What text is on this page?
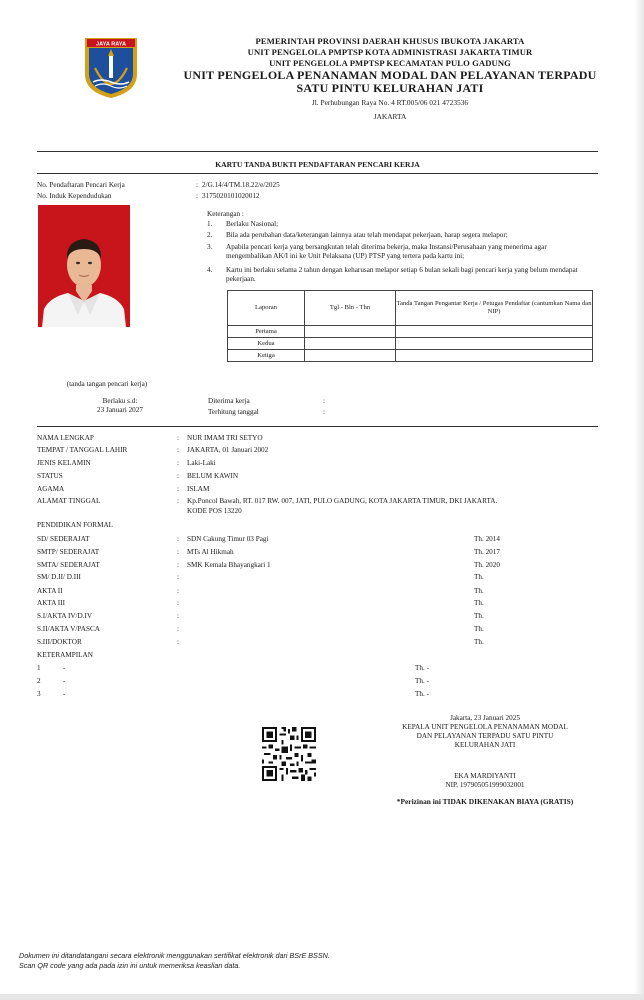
JAYA RAYA	PEMERINTAH PROVINSI DAERAH KHUSUS IBUKOTA JAKARTA
UNIT PENGELOLA PMPTSP KOTA ADMINISTRASI JAKARTA TIMUR
UNIT PENGELOLA PMPTSP KECAMATAN PULO GADUNG
UNIT PENGELOLA PENANAMAN MODAL DAN PELAYANAN TERPADU
SATU PINTU KELURAHAN JATI
Jl. Perhubungan Raya No. 4 RT.005/06 021 4723536
JAKARTA
KARTU TANDA BUKTI PENDAFTARAN PENCARI KERJA
No. Pendaftaran Pencari Kerja	: 2/G.14/4/TM.18.22/e/2025
No. Induk Kependudukan	: 3175020101020012
Keterangan :
1.	Berlaku Nasional;
2.	Bila ada perubahan data/keterangan lainnya atau telah mendapat pekerjaan, harap segera melapor;
3.	Apabila pencari kerja yang bersangkutan telah diterima bekerja, maka Instansi/Perusahaan yang menerima agar mengembalikan AK/I ini ke Unit Pelaksana (UP) PTSP yang tertera pada kartu ini;
4.	Kartu ini berlaku selama 2 tahun dengan keharusan melapor setiap 6 bulan sekali bagi pencari kerja yang belum mendapat pekerjaan.
Laporan	Tgl - Bln - Thn	Tanda Tangan Pengantar Kerja / Petugas Pendaftar (cantumkan Nama dan NIP)
Pertama		
Kedua		
Ketiga		
(tanda tangan pencari kerja)
Berlaku s.d:
23 Januari 2027
Diterima kerja	:
Terhitung tanggal	:
NAMA LENGKAP	: NUR IMAM TRI SETYO
TEMPAT / TANGGAL LAHIR	: JAKARTA, 01 Januari 2002
JENIS KELAMIN	: Laki-Laki
STATUS	: BELUM KAWIN
AGAMA	: ISLAM
ALAMAT TINGGAL	: Kp.Poncol Bawah, RT. 017 RW. 007, JATI, PULO GADUNG, KOTA JAKARTA TIMUR, DKI JAKARTA.
KODE POS 13220
PENDIDIKAN FORMAL
SD/ SEDERAJAT	: SDN Cakung Timur 03 Pagi	Th. 2014
SMTP/ SEDERAJAT	: MTs Al Hikmah	Th. 2017
SMTA/ SEDERAJAT	: SMK Kemala Bhayangkari 1	Th. 2020
SM/ D.II/ D.III	:	Th.
AKTA II	:	Th.
AKTA III	:	Th.
S.I/AKTA IV/D.IV	:	Th.
S.II/AKTA V/PASCA	:	Th.
S.III/DOKTOR	:	Th.
KETERAMPILAN
1	-	Th. -
2	-	Th. -
3	-	Th. -
Jakarta, 23 Januari 2025
KEPALA UNIT PENGELOLA PENANAMAN MODAL
DAN PELAYANAN TERPADU SATU PINTU
KELURAHAN JATI
EKA MARDIYANTI
NIP. 197905051999032001
*Perizinan ini TIDAK DIKENAKAN BIAYA (GRATIS)
Dokumen ini ditandatangani secara elektronik menggunakan sertifikat elektronik dari BSrE BSSN.
Scan QR code yang ada pada izin ini untuk memeriksa keaslian data.
